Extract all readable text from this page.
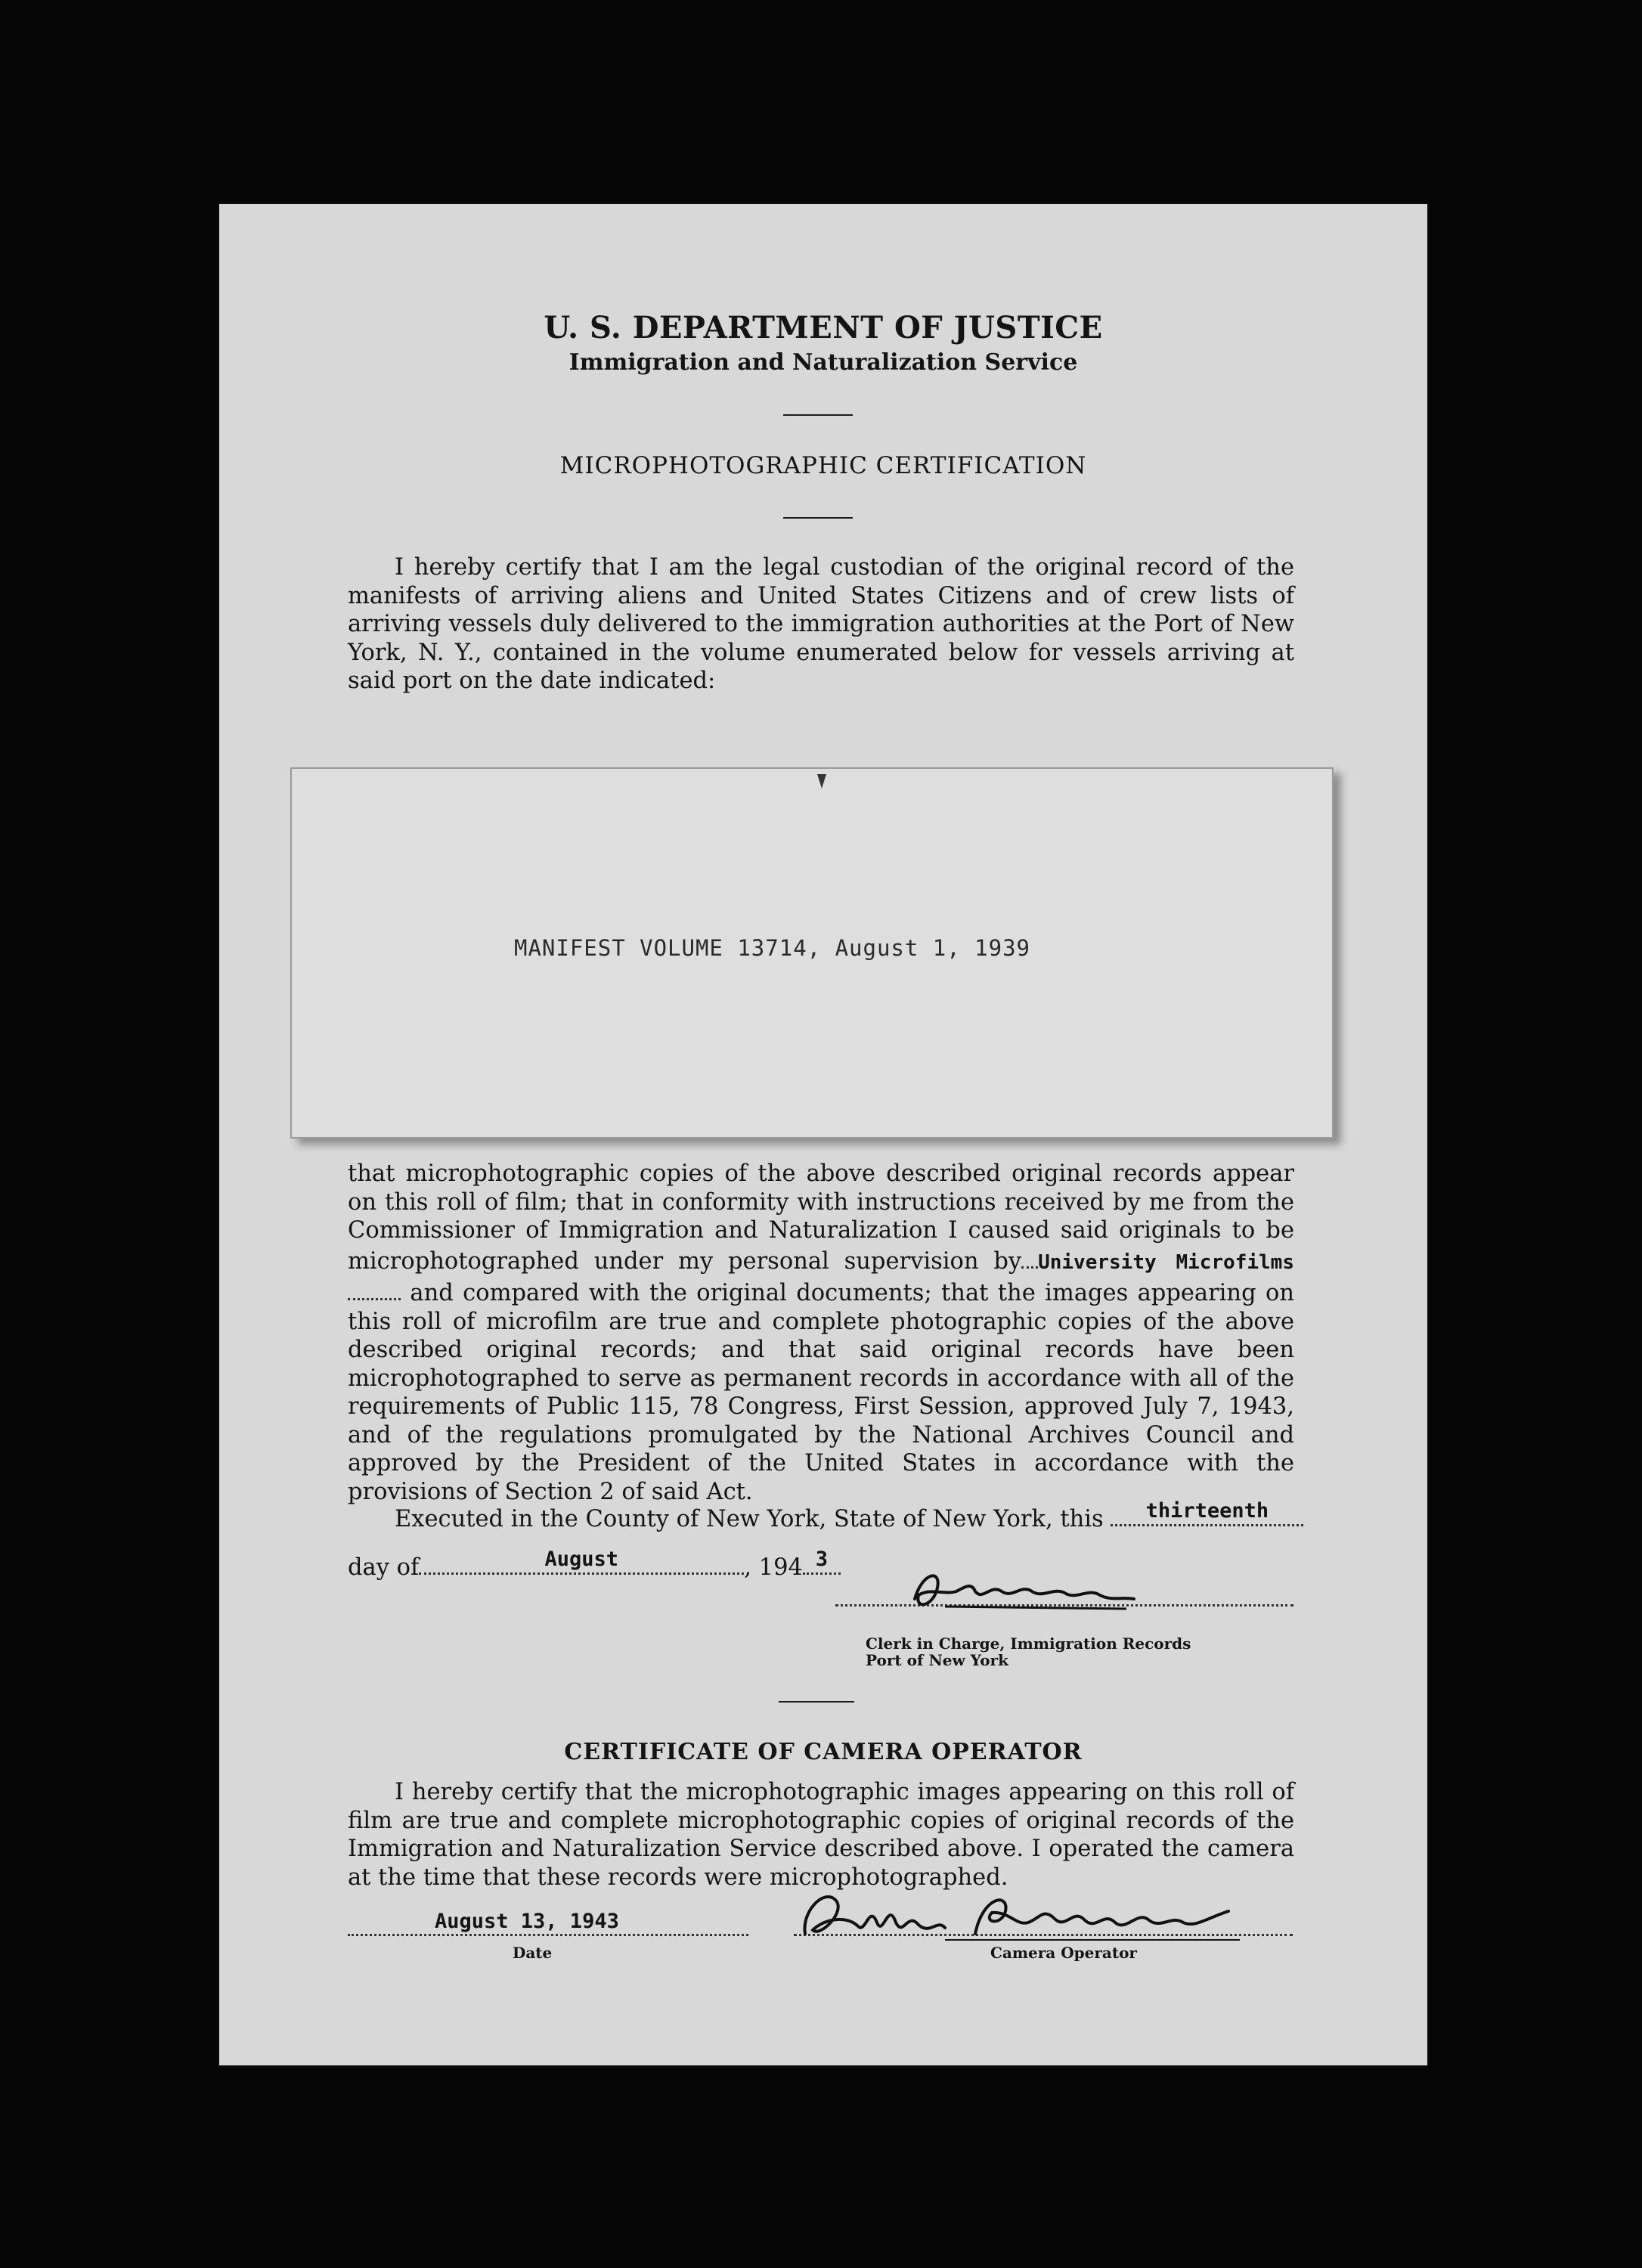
U. S. DEPARTMENT OF JUSTICE
Immigration and Naturalization Service
MICROPHOTOGRAPHIC CERTIFICATION
I hereby certify that I am the legal custodian of the original record of the manifests of arriving aliens and United States Citizens and of crew lists of arriving vessels duly delivered to the immigration authorities at the Port of New York, N. Y., contained in the volume enumerated below for vessels arriving at said port on the date indicated:
MANIFEST VOLUME 13714, August 1, 1939
that microphotographic copies of the above described original records appear on this roll of film; that in conformity with instructions received by me from the Commissioner of Immigration and Naturalization I caused said originals to be microphotographed under my personal supervision by University Microfilms and compared with the original documents; that the images appearing on this roll of microfilm are true and complete photographic copies of the above described original records; and that said original records have been microphotographed to serve as permanent records in accordance with all of the requirements of Public 115, 78 Congress, First Session, approved July 7, 1943, and of the regulations promulgated by the National Archives Council and approved by the President of the United States in accordance with the provisions of Section 2 of said Act.
Executed in the County of New York, State of New York, this	thirteenth
day of	August	, 194 3
Clerk in Charge, Immigration Records
Port of New York
CERTIFICATE OF CAMERA OPERATOR
I hereby certify that the microphotographic images appearing on this roll of film are true and complete microphotographic copies of original records of the Immigration and Naturalization Service described above. I operated the camera at the time that these records were microphotographed.
August 13, 1943
Date	Camera Operator
